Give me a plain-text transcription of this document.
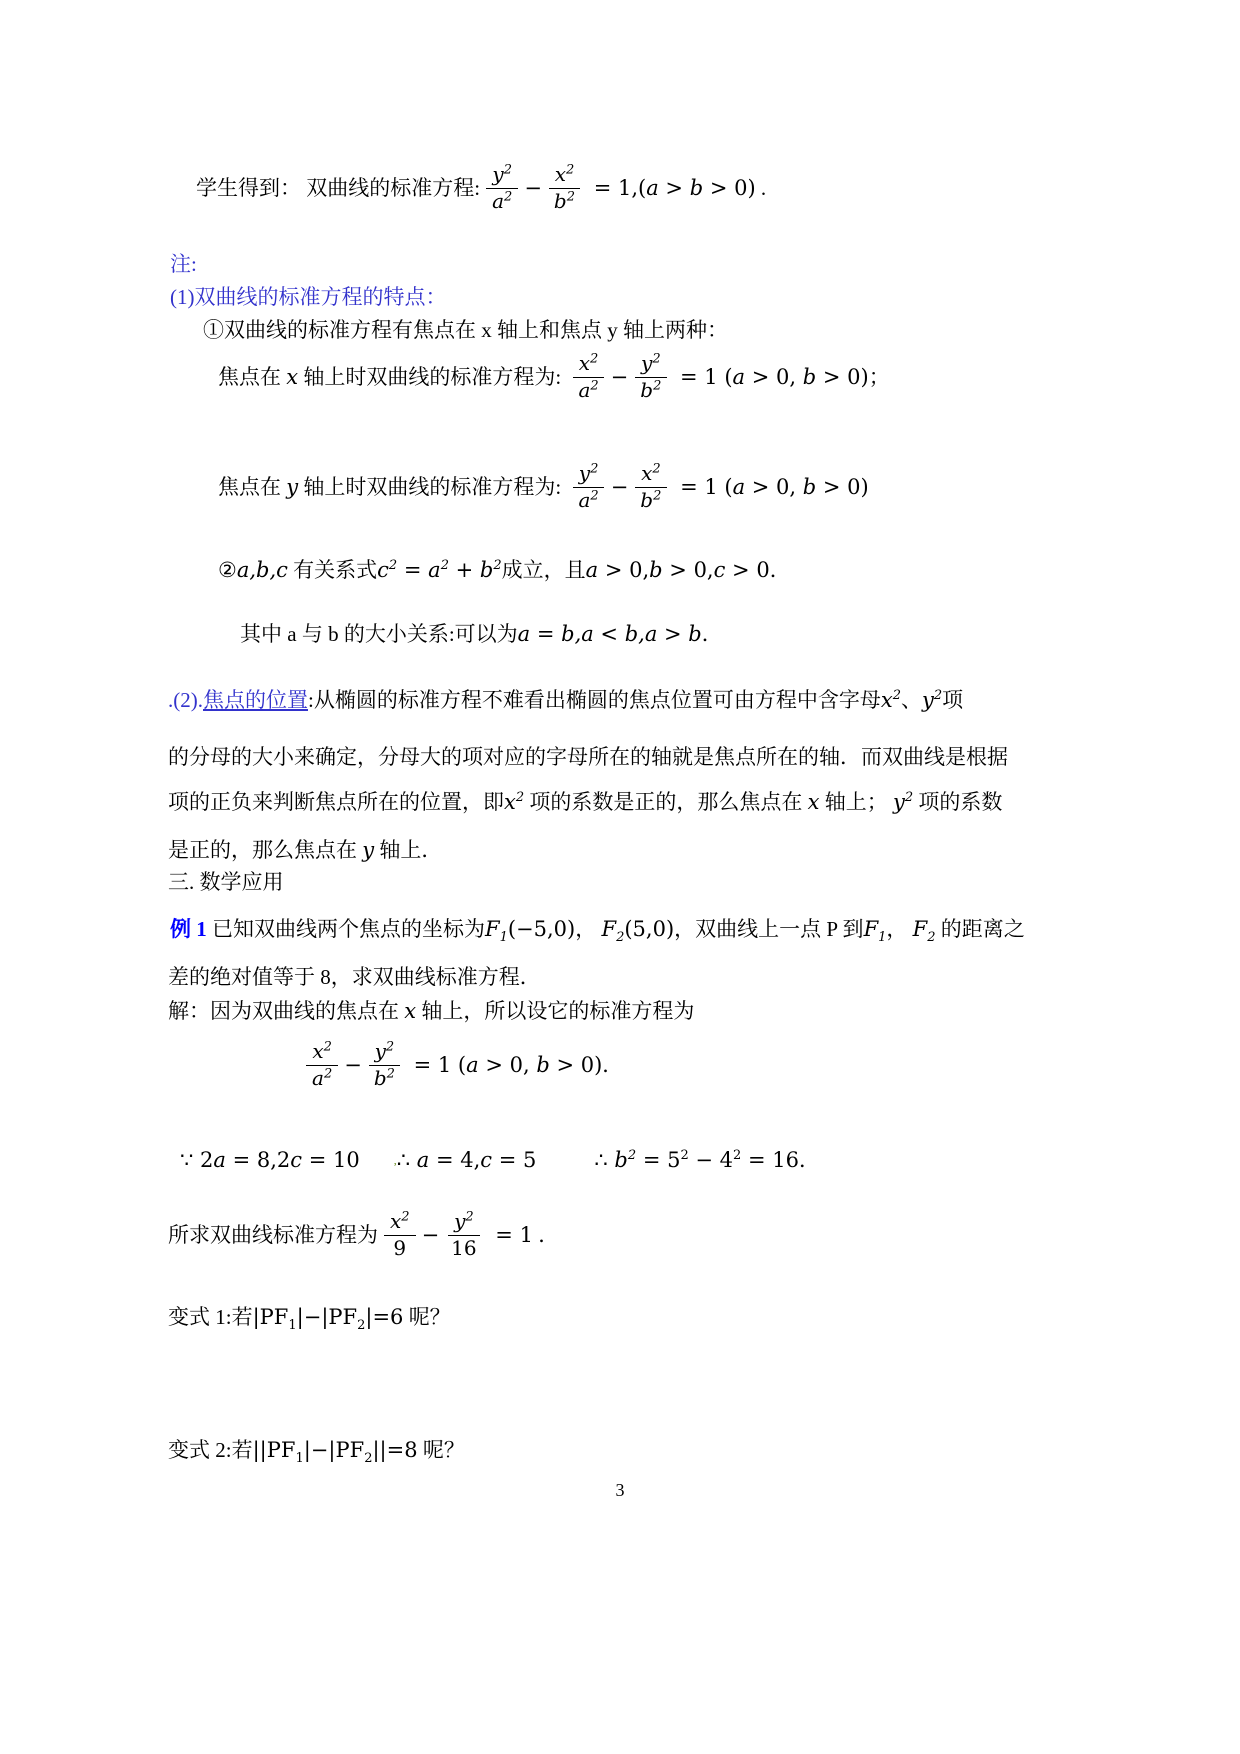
学生得到： 双曲线的标准方程: $\frac{y^2}{a^2} - \frac{x^2}{b^2} = 1$,( a > b > 0) .
注:
(1)双曲线的标准方程的特点：
①双曲线的标准方程有焦点在 x 轴上和焦点 y 轴上两种：
焦点在 x 轴上时双曲线的标准方程为: $\frac{x^2}{a^2} - \frac{y^2}{b^2} = 1$ ( a > 0, b > 0) ；
焦点在 y 轴上时双曲线的标准方程为: $\frac{y^2}{a^2} - \frac{x^2}{b^2} = 1$ ( a > 0, b > 0)
② a,b,c 有关系式 $c^2 = a^2 + b^2$ 成立，且 a > 0, b > 0, c > 0 ．
其中 a 与 b 的大小关系:可以为 a = b,a < b,a > b ．
.(2). 焦点的位置 :从椭圆的标准方程不难看出椭圆的焦点位置可由方程中含字母 $x^2$ 、 $y^2$ 项
的分母的大小来确定，分母大的项对应的字母所在的轴就是焦点所在的轴．而双曲线是根据
项的正负来判断焦点所在的位置，即 $x^2$ 项的系数是正的，那么焦点在 x 轴上； $y^2$ 项的系数
是正的，那么焦点在 y 轴上．
三. 数学应用
例 1 已知双曲线两个焦点的坐标为 $F_1$ (−5,0) ， $F_2$ (5,0) ，双曲线上一点 P 到 $F_1$ ， $F_2$ 的距离之
差的绝对值等于 8，求双曲线标准方程．
解：因为双曲线的焦点在 x 轴上，所以设它的标准方程为
$\frac{x^2}{a^2} - \frac{y^2}{b^2} = 1$ ( a > 0, b > 0) ．
∵ 2 a = 8,2 c = 10	, ∴ a = 4, c = 5	∴ $b^2 = 5^2 - 4^2 = 16$ ．
所求双曲线标准方程为 $\frac{x^2}{9} - \frac{y^2}{16} = 1$ ．
变式 1:若 $|PF_1$ $|-|PF_2$ |=6 呢？
变式 2:若 $||PF_1$ $|-|PF_2$ ||=8 呢？
3
